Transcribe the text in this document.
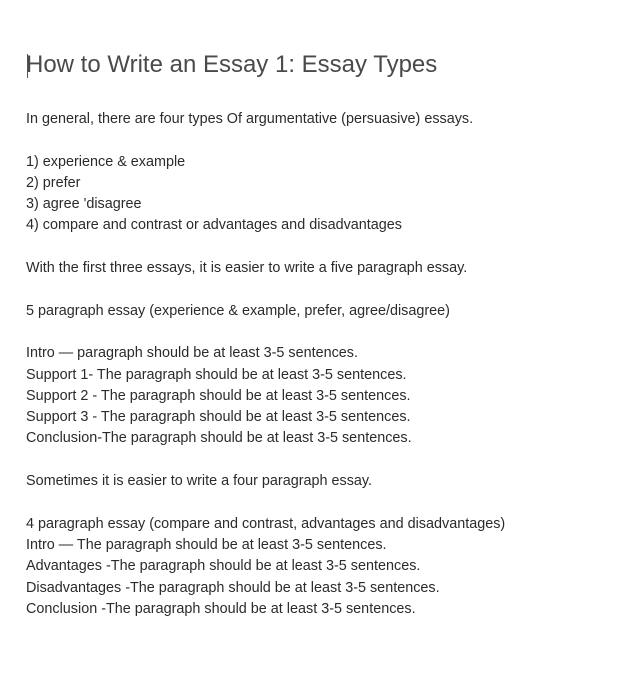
How to Write an Essay 1: Essay Types
In general, there are four types Of argumentative (persuasive) essays.
1) experience & example
2) prefer
3) agree 'disagree
4) compare and contrast or advantages and disadvantages
With the first three essays, it is easier to write a five paragraph essay.
5 paragraph essay (experience & example, prefer, agree/disagree)
Intro — paragraph should be at least 3-5 sentences.
Support 1- The paragraph should be at least 3-5 sentences.
Support 2 - The paragraph should be at least 3-5 sentences.
Support 3 - The paragraph should be at least 3-5 sentences.
Conclusion-The paragraph should be at least 3-5 sentences.
Sometimes it is easier to write a four paragraph essay.
4 paragraph essay (compare and contrast, advantages and disadvantages)
Intro — The paragraph should be at least 3-5 sentences.
Advantages -The paragraph should be at least 3-5 sentences.
Disadvantages -The paragraph should be at least 3-5 sentences.
Conclusion -The paragraph should be at least 3-5 sentences.
